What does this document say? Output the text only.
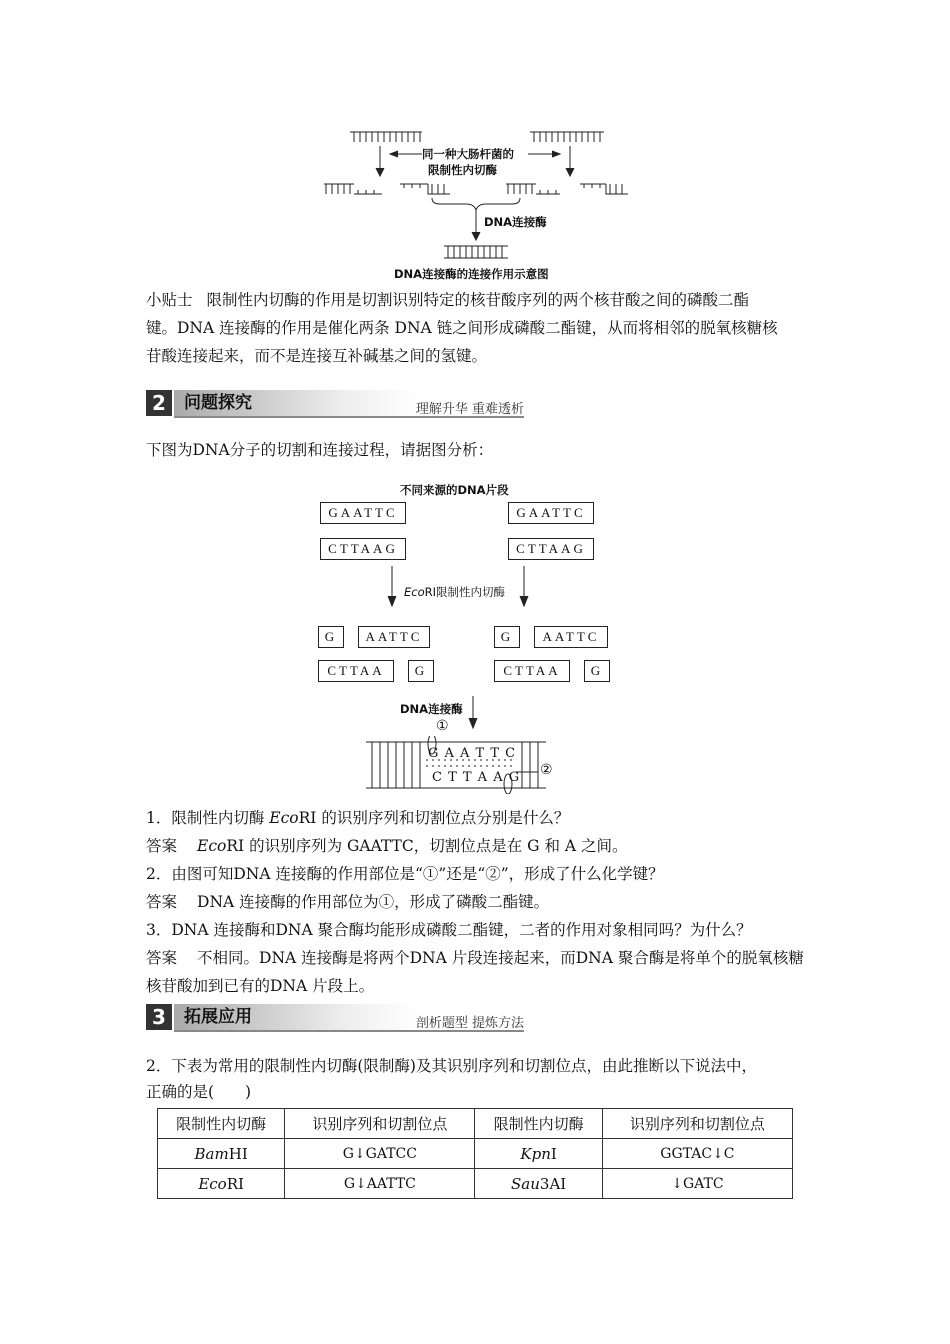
同一种大肠杆菌的
限制性内切酶
DNA连接酶
DNA连接酶的连接作用示意图
小贴士 限制性内切酶的作用是切割识别特定的核苷酸序列的两个核苷酸之间的磷酸二酯
键。DNA 连接酶的作用是催化两条 DNA 链之间形成磷酸二酯键，从而将相邻的脱氧核糖核
苷酸连接起来，而不是连接互补碱基之间的氢键。
2	问题探究	理解升华 重难透析
下图为DNA分子的切割和连接过程，请据图分析：
不同来源的DNA片段
GAATTC	GAATTC
CTTAAG	CTTAAG
EcoRⅠ限制性内切酶
G	AATTC	G	AATTC
CTTAA	G	CTTAA	G
DNA连接酶
①
G A A T T C
C T T A A G ②
1．限制性内切酶 EcoRⅠ 的识别序列和切割位点分别是什么？
答案 EcoRⅠ 的识别序列为 GAATTC，切割位点是在 G 和 A 之间。
2．由图可知DNA 连接酶的作用部位是“①”还是“②”，形成了什么化学键？
答案 DNA 连接酶的作用部位为①，形成了磷酸二酯键。
3．DNA 连接酶和DNA 聚合酶均能形成磷酸二酯键，二者的作用对象相同吗？为什么？
答案 不相同。DNA 连接酶是将两个DNA 片段连接起来，而DNA 聚合酶是将单个的脱氧核糖
核苷酸加到已有的DNA 片段上。
3	拓展应用	剖析题型 提炼方法
2．下表为常用的限制性内切酶(限制酶)及其识别序列和切割位点，由此推断以下说法中，
正确的是(　　)
限制性内切酶	识别序列和切割位点	限制性内切酶	识别序列和切割位点
BamHⅠ	G↓GATCC	KpnⅠ	GGTAC↓C
EcoRⅠ	G↓AATTC	Sau3AⅠ	↓GATC
